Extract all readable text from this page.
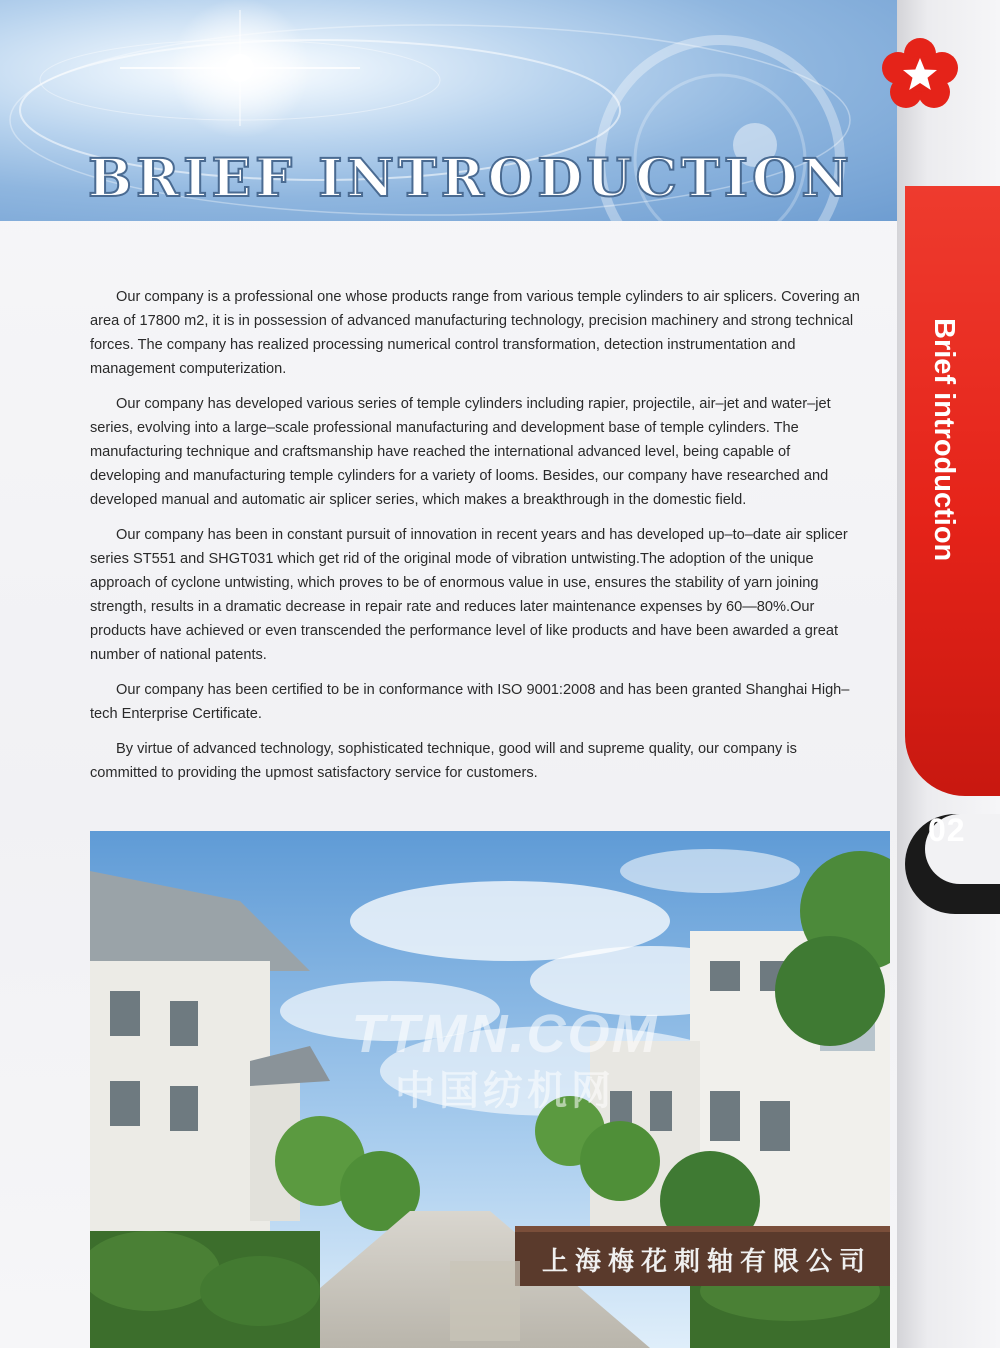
BRIEF INTRODUCTION
Brief introduction
02

Our company is a professional one whose products range from various temple cylinders to air splicers. Covering an area of 17800 m2, it is in possession of advanced manufacturing technology, precision machinery and strong technical forces. The company has realized processing numerical control transformation, detection instrumentation and management computerization.

Our company has developed various series of temple cylinders including rapier, projectile, air–jet and water–jet series, evolving into a large–scale professional manufacturing and development base of temple cylinders. The manufacturing technique and craftsmanship have reached the international advanced level, being capable of developing and manufacturing temple cylinders for a variety of looms. Besides, our company have researched and developed manual and automatic air splicer series, which makes a breakthrough in the domestic field.

Our company has been in constant pursuit of innovation in recent years and has developed up–to–date air splicer series ST551 and SHGT031 which get rid of the original mode of vibration untwisting.The adoption of the unique approach of cyclone untwisting, which proves to be of enormous value in use, ensures the stability of yarn joining strength, results in a dramatic decrease in repair rate and reduces later maintenance expenses by 60—80%.Our products have achieved or even transcended the performance level of like products and have been awarded a great number of national patents.

Our company has been certified to be in conformance with ISO 9001:2008 and has been granted Shanghai High–tech Enterprise Certificate.

By virtue of advanced technology, sophisticated technique, good will and supreme quality, our company is committed to providing the upmost satisfactory service for customers.

TTMN.COM
中国纺机网
上海梅花刺轴有限公司
